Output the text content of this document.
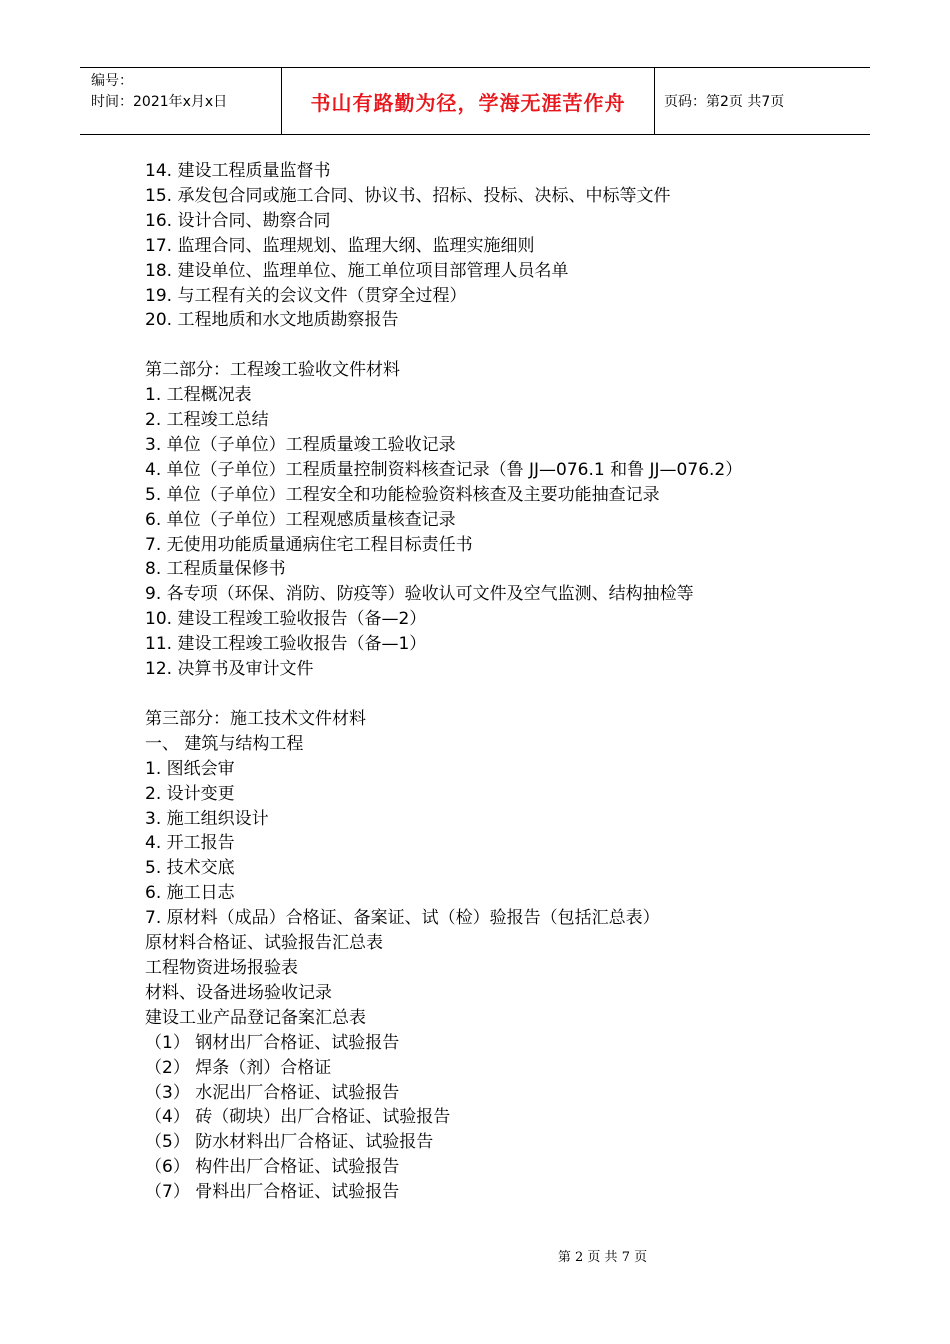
编号：
时间：2021年x月x日	书山有路勤为径，学海无涯苦作舟	页码：第2页 共7页
14. 建设工程质量监督书
15. 承发包合同或施工合同、协议书、招标、投标、决标、中标等文件
16. 设计合同、勘察合同
17. 监理合同、监理规划、监理大纲、监理实施细则
18. 建设单位、监理单位、施工单位项目部管理人员名单
19. 与工程有关的会议文件（贯穿全过程）
20. 工程地质和水文地质勘察报告
第二部分：工程竣工验收文件材料
1. 工程概况表
2. 工程竣工总结
3. 单位（子单位）工程质量竣工验收记录
4. 单位（子单位）工程质量控制资料核查记录（鲁 JJ—076.1 和鲁 JJ—076.2）
5. 单位（子单位）工程安全和功能检验资料核查及主要功能抽查记录
6. 单位（子单位）工程观感质量核查记录
7. 无使用功能质量通病住宅工程目标责任书
8. 工程质量保修书
9. 各专项（环保、消防、防疫等）验收认可文件及空气监测、结构抽检等
10. 建设工程竣工验收报告（备—2）
11. 建设工程竣工验收报告（备—1）
12. 决算书及审计文件
第三部分：施工技术文件材料
一、 建筑与结构工程
1. 图纸会审
2. 设计变更
3. 施工组织设计
4. 开工报告
5. 技术交底
6. 施工日志
7. 原材料（成品）合格证、备案证、试（检）验报告（包括汇总表）
原材料合格证、试验报告汇总表
工程物资进场报验表
材料、设备进场验收记录
建设工业产品登记备案汇总表
（1） 钢材出厂合格证、试验报告
（2） 焊条（剂）合格证
（3） 水泥出厂合格证、试验报告
（4） 砖（砌块）出厂合格证、试验报告
（5） 防水材料出厂合格证、试验报告
（6） 构件出厂合格证、试验报告
（7） 骨料出厂合格证、试验报告
第 2 页 共 7 页
